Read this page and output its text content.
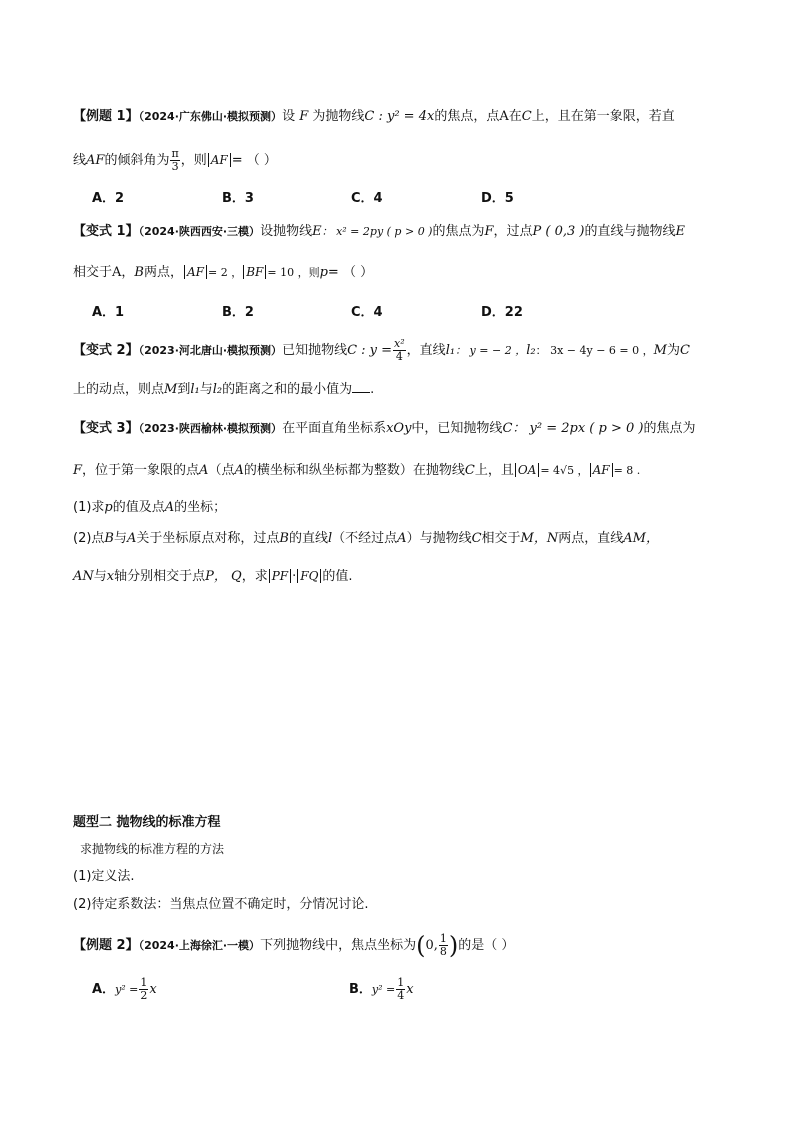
【例题 1】（2024·广东佛山·模拟预测）设 F 为抛物线C : y² = 4x的焦点，点A在C上，且在第一象限，若直
线AF的倾斜角为 $\frac{\pi}{3}$ ，则 AF = （ ）
A．2	B．3	C．4	D．5
【变式 1】（2024·陕西西安·三模）设抛物线E： x² = 2py ( p > 0 )的焦点为F，过点P ( 0,3 )的直线与抛物线E
相交于A，B两点， AF = 2 ， BF = 10 ，则p= （ ）
A．1	B．2	C．4	D．22
【变式 2】（2023·河北唐山·模拟预测）已知抛物线C : $y = \frac{\text{x²}}{4}$ ，直线l₁： y = − 2 ，l₂： 3x − 4y − 6 = 0 ，M为C
上的动点，则点M到l₁与l₂的距离之和的最小值为 .
【变式 3】（2023·陕西榆林·模拟预测）在平面直角坐标系xOy中，已知抛物线C： y² = 2px ( p > 0 )的焦点为
F，位于第一象限的点A（点A的横坐标和纵坐标都为整数）在抛物线C上，且 OA = 4√5 ， AF = 8 .
(1)求p的值及点A的坐标；
(2)点B与A关于坐标原点对称，过点B的直线l（不经过点A）与抛物线C相交于M，N两点，直线AM，
AN与x轴分别相交于点P， Q，求 PF · FQ 的值.
题型二 抛物线的标准方程
求抛物线的标准方程的方法
(1)定义法.
(2)待定系数法：当焦点位置不确定时，分情况讨论.
【例题 2】（2024·上海徐汇·一模）下列抛物线中，焦点坐标为(0, $\frac{1}{8}$ )的是（ ）
A．$y^2 = \frac{1}{2}$ x	B．$y^2 = \frac{1}{4}$ x
